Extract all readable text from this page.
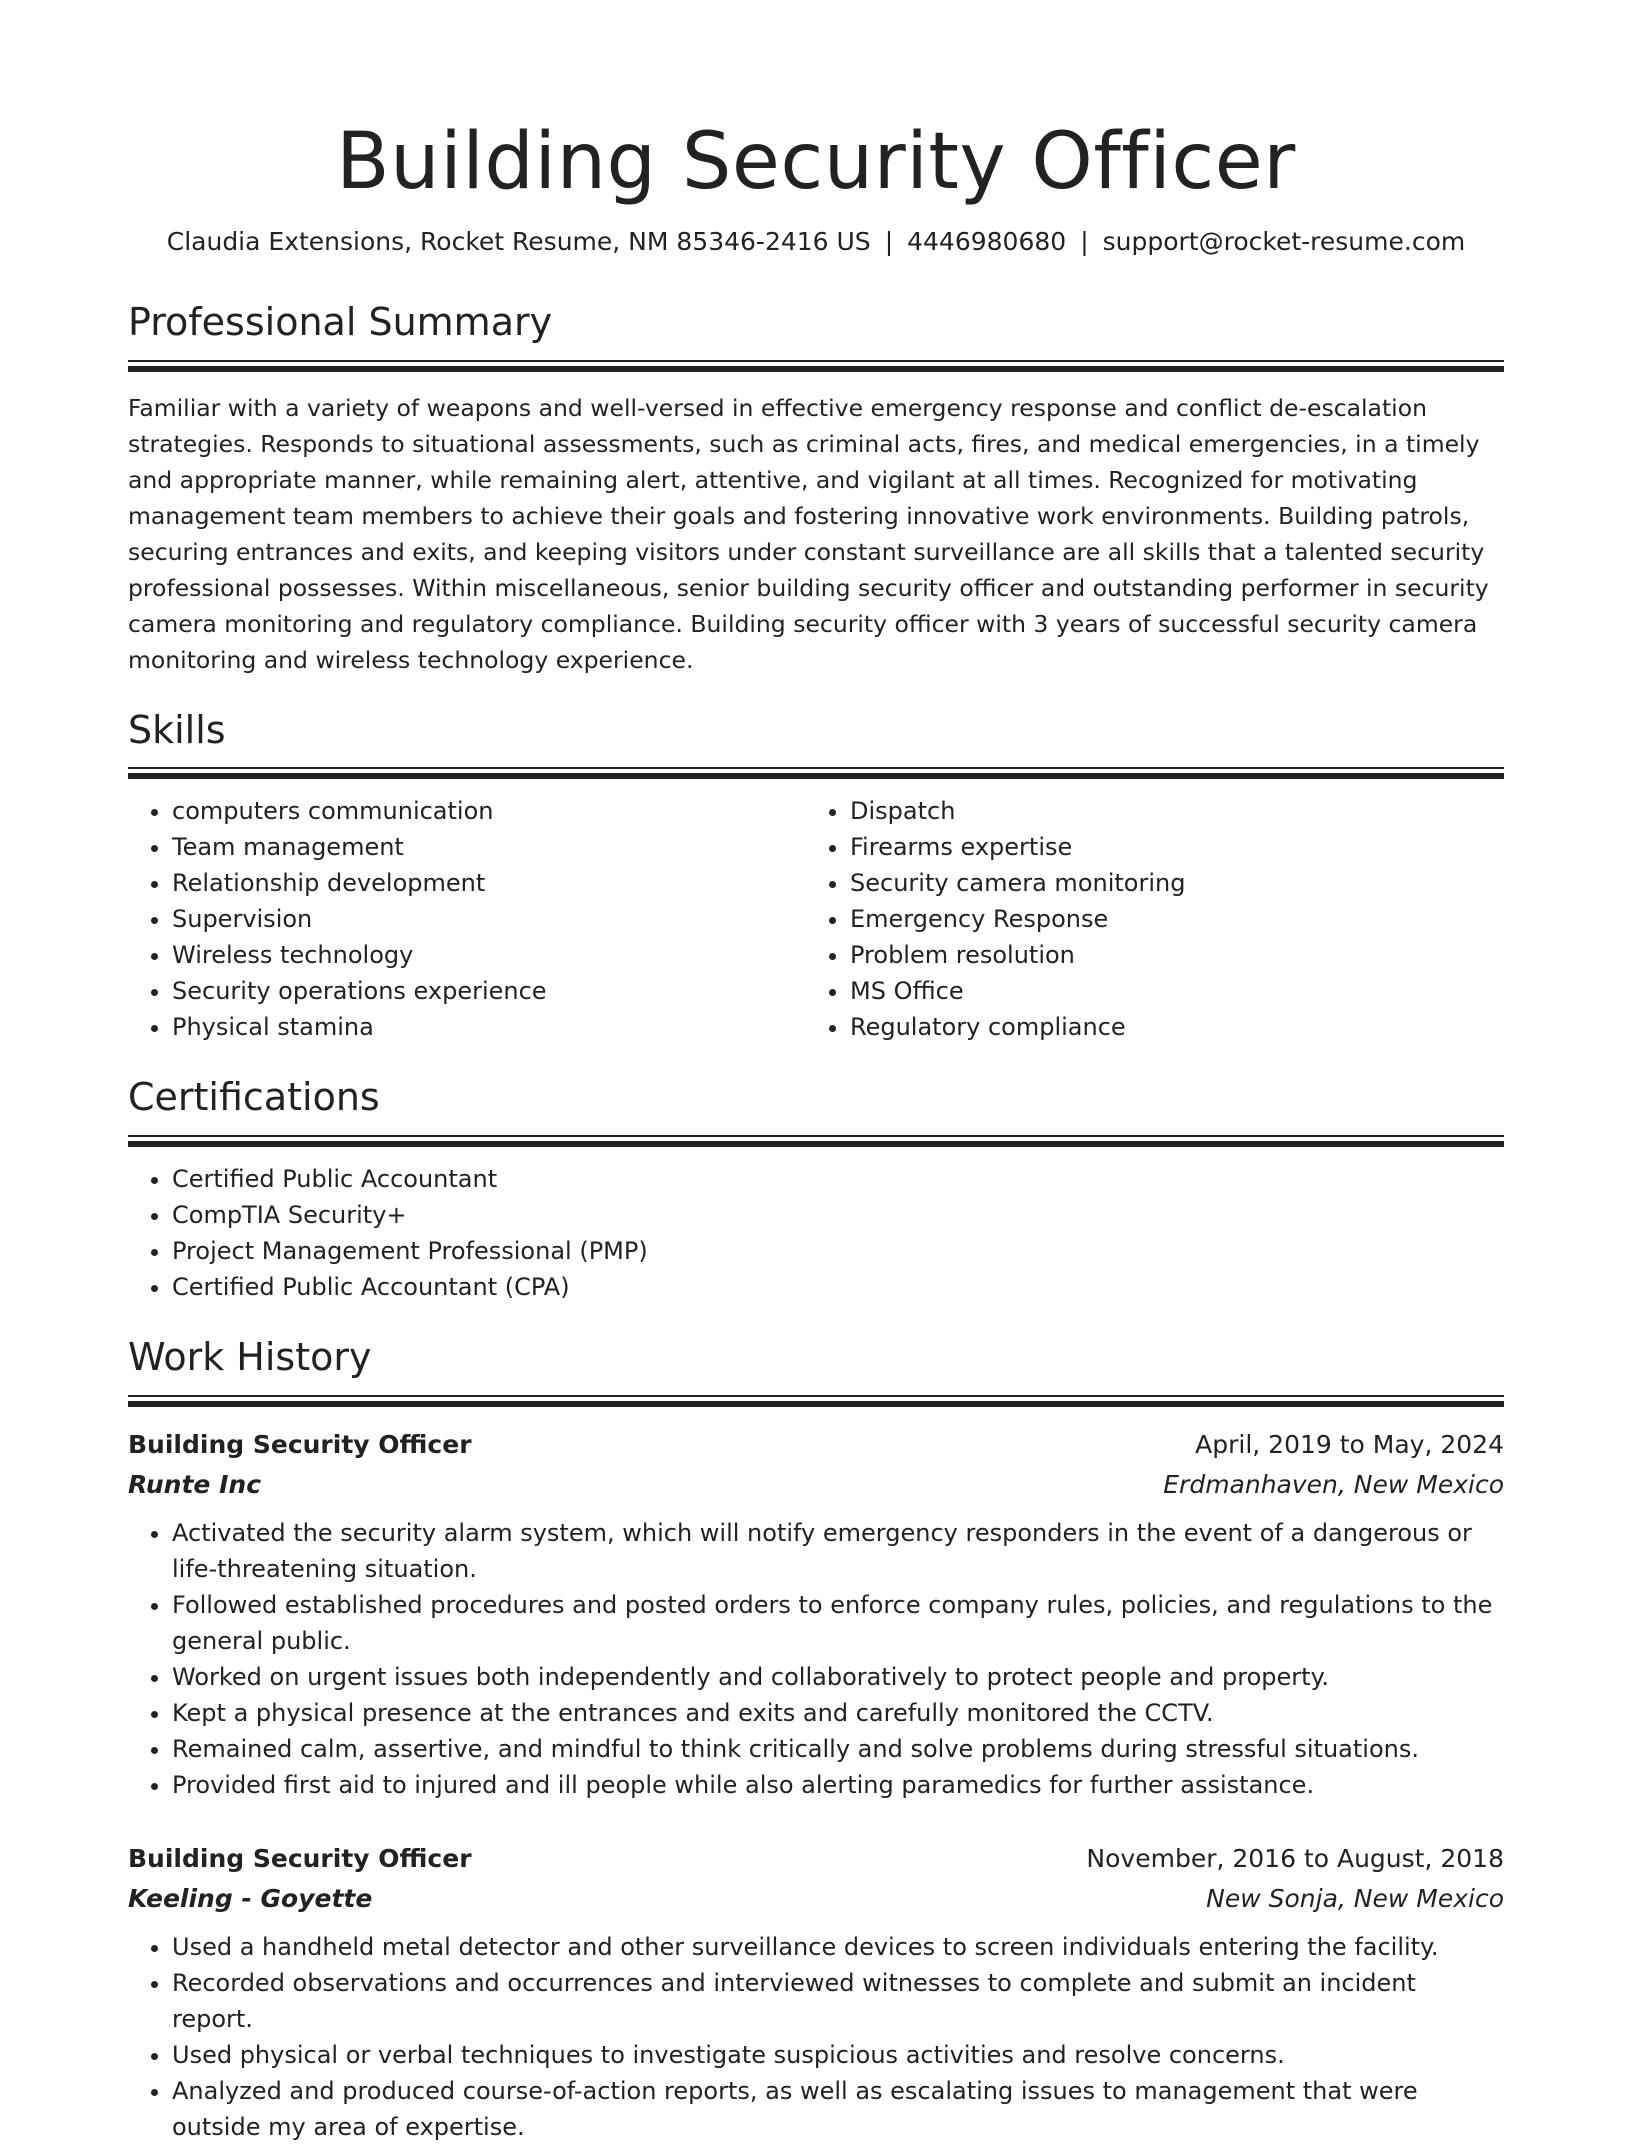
Building Security Officer
Claudia Extensions, Rocket Resume, NM 85346-2416 US | 4446980680 | support@rocket-resume.com
Professional Summary

Familiar with a variety of weapons and well-versed in effective emergency response and conflict de-escalation strategies. Responds to situational assessments, such as criminal acts, fires, and medical emergencies, in a timely and appropriate manner, while remaining alert, attentive, and vigilant at all times. Recognized for motivating management team members to achieve their goals and fostering innovative work environments. Building patrols, securing entrances and exits, and keeping visitors under constant surveillance are all skills that a talented security professional possesses. Within miscellaneous, senior building security officer and outstanding performer in security camera monitoring and regulatory compliance. Building security officer with 3 years of successful security camera monitoring and wireless technology experience.

Skills
• computers communication
• Team management
• Relationship development
• Supervision
• Wireless technology
• Security operations experience
• Physical stamina
• Dispatch
• Firearms expertise
• Security camera monitoring
• Emergency Response
• Problem resolution
• MS Office
• Regulatory compliance
Certifications
• Certified Public Accountant
• CompTIA Security+
• Project Management Professional (PMP)
• Certified Public Accountant (CPA)
Work History
Building Security Officer	April, 2019 to May, 2024
Runte Inc	Erdmanhaven, New Mexico
• Activated the security alarm system, which will notify emergency responders in the event of a dangerous or life-threatening situation.
• Followed established procedures and posted orders to enforce company rules, policies, and regulations to the general public.
• Worked on urgent issues both independently and collaboratively to protect people and property.
• Kept a physical presence at the entrances and exits and carefully monitored the CCTV.
• Remained calm, assertive, and mindful to think critically and solve problems during stressful situations.
• Provided first aid to injured and ill people while also alerting paramedics for further assistance.
Building Security Officer	November, 2016 to August, 2018
Keeling - Goyette	New Sonja, New Mexico
• Used a handheld metal detector and other surveillance devices to screen individuals entering the facility.
• Recorded observations and occurrences and interviewed witnesses to complete and submit an incident report.
• Used physical or verbal techniques to investigate suspicious activities and resolve concerns.
• Analyzed and produced course-of-action reports, as well as escalating issues to management that were outside my area of expertise.
